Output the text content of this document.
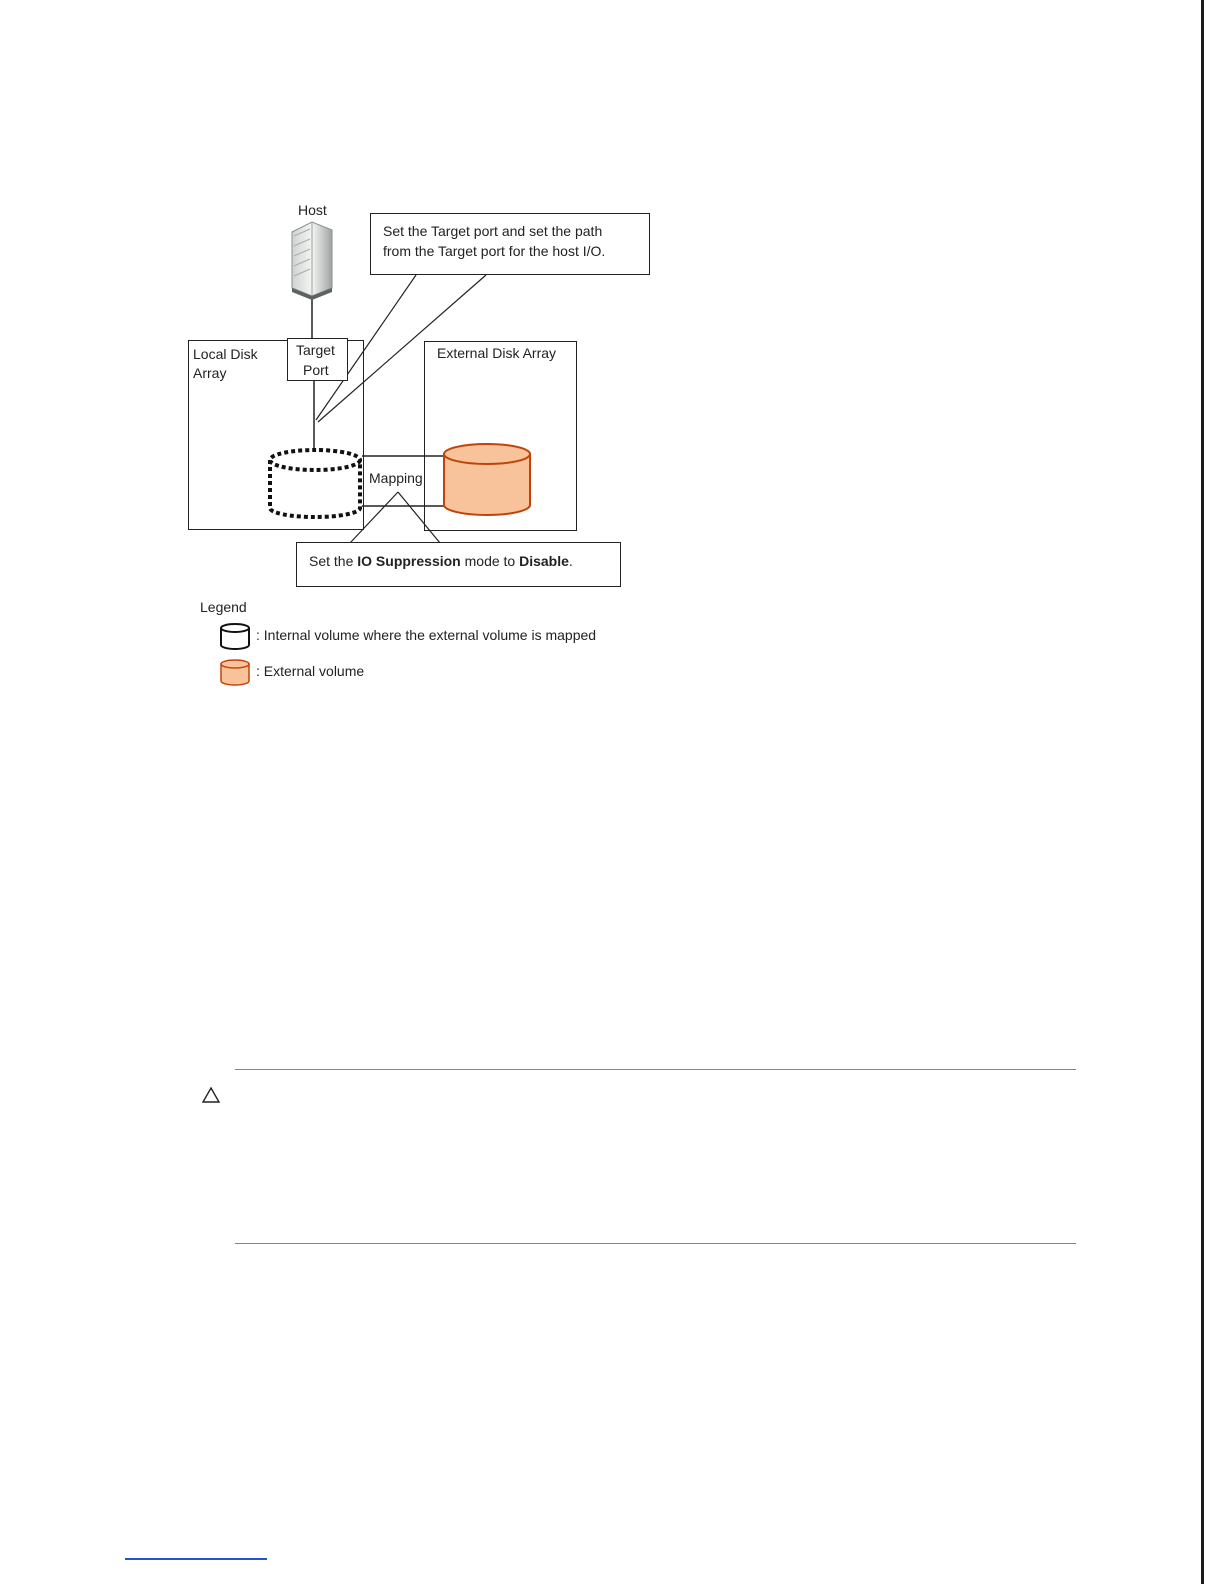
Local Disk
Array
Target
Port
External Disk Array
Host
Mapping
Set the Target port and set the path
from the Target port for the host I/O.
Set the IO Suppression mode to Disable.
Legend
: Internal volume where the external volume is mapped
: External volume
